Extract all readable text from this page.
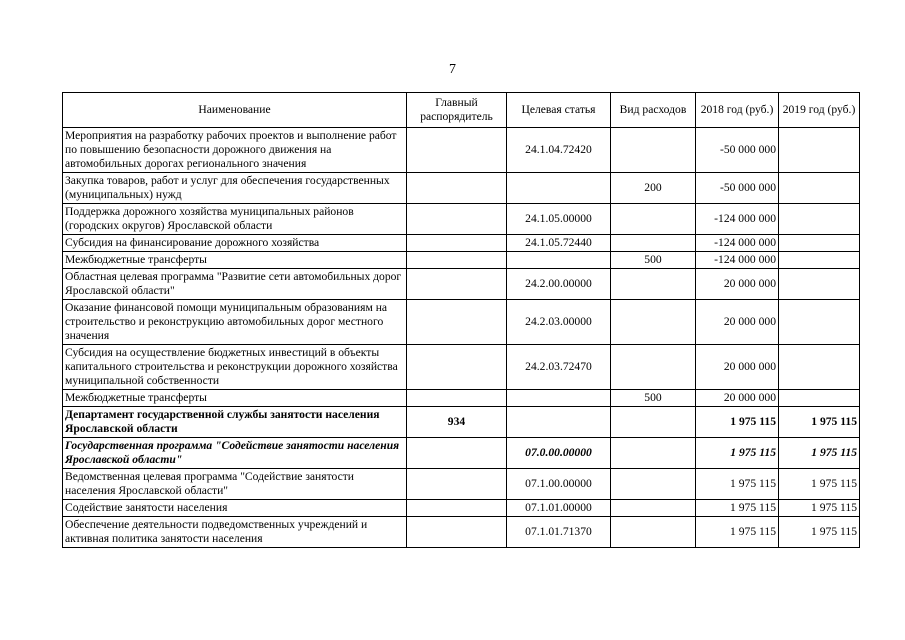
7
Наименование	Главный распорядитель	Целевая статья	Вид расходов	2018 год (руб.)	2019 год (руб.)
Мероприятия на разработку рабочих проектов и выполнение работ по повышению безопасности дорожного движения на автомобильных дорогах регионального значения		24.1.04.72420		-50 000 000	
Закупка товаров, работ и услуг для обеспечения государственных (муниципальных) нужд			200	-50 000 000	
Поддержка дорожного хозяйства муниципальных районов (городских округов) Ярославской области		24.1.05.00000		-124 000 000	
Субсидия на финансирование дорожного хозяйства		24.1.05.72440		-124 000 000	
Межбюджетные трансферты			500	-124 000 000	
Областная целевая программа "Развитие сети автомобильных дорог Ярославской области"		24.2.00.00000		20 000 000	
Оказание финансовой помощи муниципальным образованиям на строительство и реконструкцию автомобильных дорог местного значения		24.2.03.00000		20 000 000	
Субсидия на осуществление бюджетных инвестиций в объекты капитального строительства и реконструкции дорожного хозяйства муниципальной собственности		24.2.03.72470		20 000 000	
Межбюджетные трансферты			500	20 000 000	
Департамент государственной службы занятости населения Ярославской области	934			1 975 115	1 975 115
Государственная программа "Содействие занятости населения Ярославской области"		07.0.00.00000		1 975 115	1 975 115
Ведомственная целевая программа "Содействие занятости населения Ярославской области"		07.1.00.00000		1 975 115	1 975 115
Содействие занятости населения		07.1.01.00000		1 975 115	1 975 115
Обеспечение деятельности подведомственных учреждений и активная политика занятости населения		07.1.01.71370		1 975 115	1 975 115
